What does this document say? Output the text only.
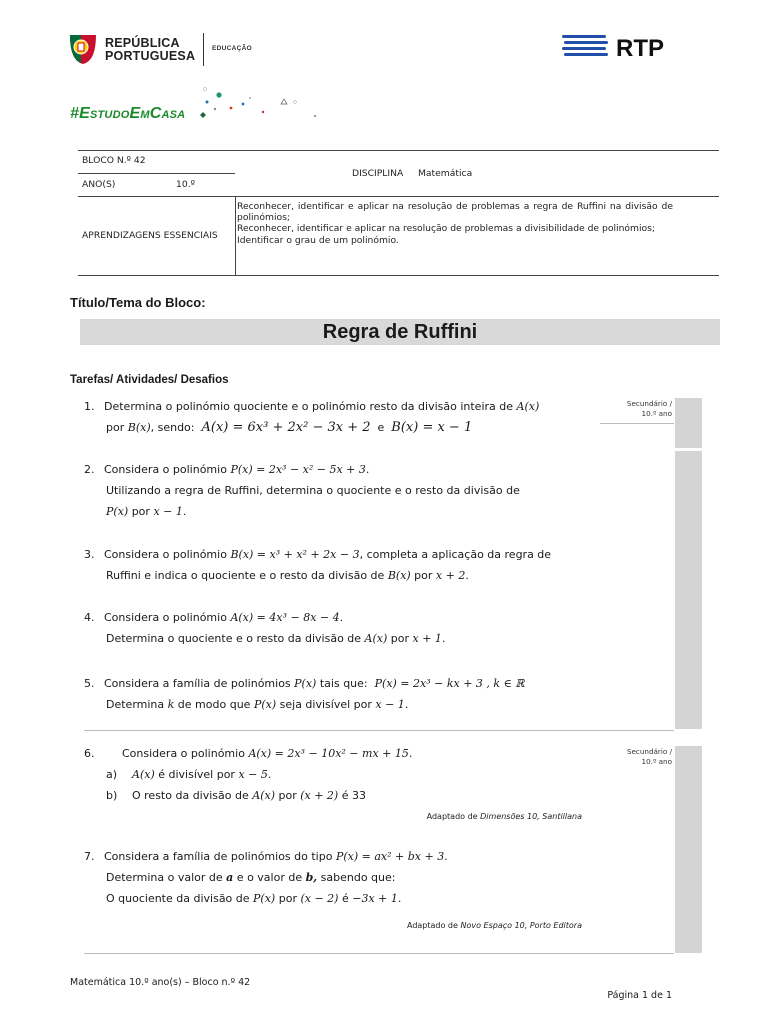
REPÚBLICA
PORTUGUESA	EDUCAÇÃO	RTP
#EstudoEmCasa
BLOCO N.º 42
ANO(S)	10.º
DISCIPLINA Matemática
APRENDIZAGENS ESSENCIAIS
Reconhecer, identificar e aplicar na resolução de problemas a regra de Ruffini na divisão de polinómios;
Reconhecer, identificar e aplicar na resolução de problemas a divisibilidade de polinómios;
Identificar o grau de um polinómio.
Título/Tema do Bloco:
Regra de Ruffini
Tarefas/ Atividades/ Desafios
Secundário /
10.º ano
Secundário /
10.º ano
1. Determina o polinómio quociente e o polinómio resto da divisão inteira de A(x)
por B(x), sendo: A(x) = 6x³ + 2x² − 3x + 2 e B(x) = x − 1
2. Considera o polinómio P(x) = 2x³ − x² − 5x + 3.
Utilizando a regra de Ruffini, determina o quociente e o resto da divisão de
P(x) por x − 1.
3. Considera o polinómio B(x) = x³ + x² + 2x − 3, completa a aplicação da regra de
Ruffini e indica o quociente e o resto da divisão de B(x) por x + 2.
4. Considera o polinómio A(x) = 4x³ − 8x − 4.
Determina o quociente e o resto da divisão de A(x) por x + 1.
5. Considera a família de polinómios P(x) tais que:  P(x) = 2x³ − kx + 3 , k ∈ ℝ
Determina k de modo que P(x) seja divisível por x − 1.
6.	Considera o polinómio A(x) = 2x³ − 10x² − mx + 15.
a) A(x) é divisível por x − 5.
b) O resto da divisão de A(x) por (x + 2) é 33
Adaptado de Dimensões 10, Santillana
7. Considera a família de polinómios do tipo P(x) = ax² + bx + 3.
Determina o valor de a e o valor de b, sabendo que:
O quociente da divisão de P(x) por (x − 2) é −3x + 1.
Adaptado de Novo Espaço 10, Porto Editora
Matemática 10.º ano(s) – Bloco n.º 42
Página 1 de 1
